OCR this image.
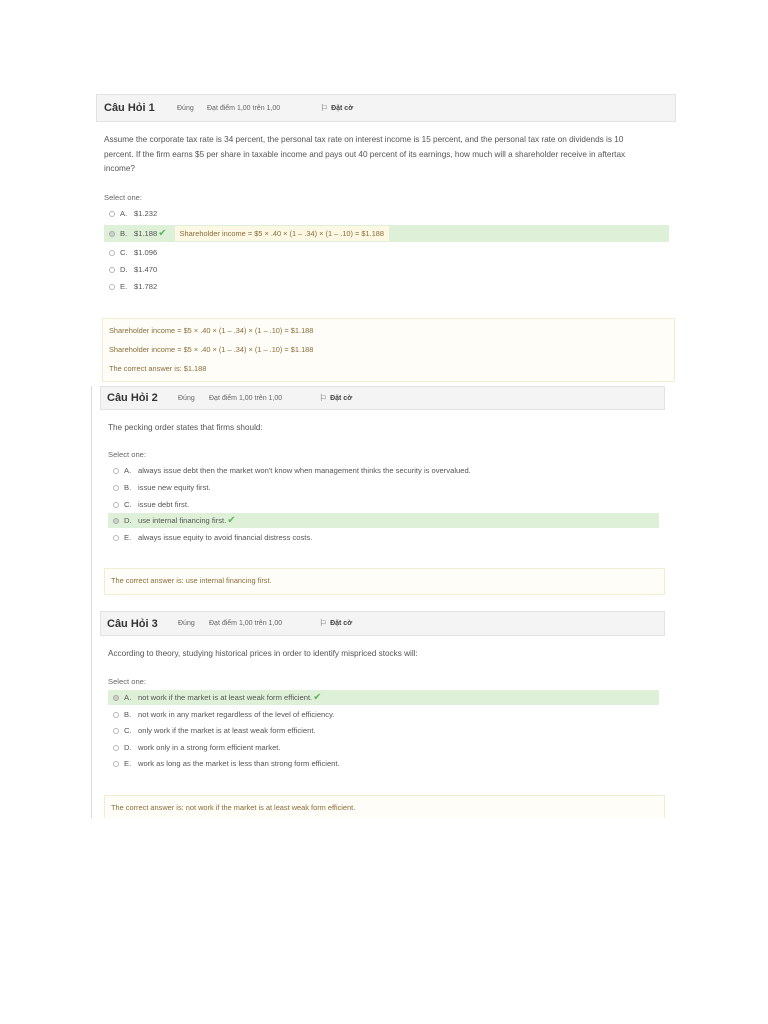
Câu Hỏi 1	Đúng Đạt điểm 1,00 trên 1,00	⚐ Đặt cờ
Assume the corporate tax rate is 34 percent, the personal tax rate on interest income is 15 percent, and the personal tax rate on dividends is 10
percent. If the firm earns $5 per share in taxable income and pays out 40 percent of its earnings, how much will a shareholder receive in aftertax
income?
Select one:
A. $1.232
B. $1.188 ✔	Shareholder income = $5 × .40 × (1 – .34) × (1 – .10) = $1.188
C. $1.096
D. $1.470
E. $1.782
Shareholder income = $5 × .40 × (1 – .34) × (1 – .10) = $1.188
Shareholder income = $5 × .40 × (1 – .34) × (1 – .10) = $1.188
The correct answer is: $1.188
Câu Hỏi 2	Đúng Đạt điểm 1,00 trên 1,00	⚐ Đặt cờ
The pecking order states that firms should:
Select one:
A. always issue debt then the market won't know when management thinks the security is overvalued.
B. issue new equity first.
C. issue debt first.
D. use internal financing first. ✔
E. always issue equity to avoid financial distress costs.
The correct answer is: use internal financing first.
Câu Hỏi 3	Đúng Đạt điểm 1,00 trên 1,00	⚐ Đặt cờ
According to theory, studying historical prices in order to identify mispriced stocks will:
Select one:
A. not work if the market is at least weak form efficient. ✔
B. not work in any market regardless of the level of efficiency.
C. only work if the market is at least weak form efficient.
D. work only in a strong form efficient market.
E. work as long as the market is less than strong form efficient.
The correct answer is: not work if the market is at least weak form efficient.
